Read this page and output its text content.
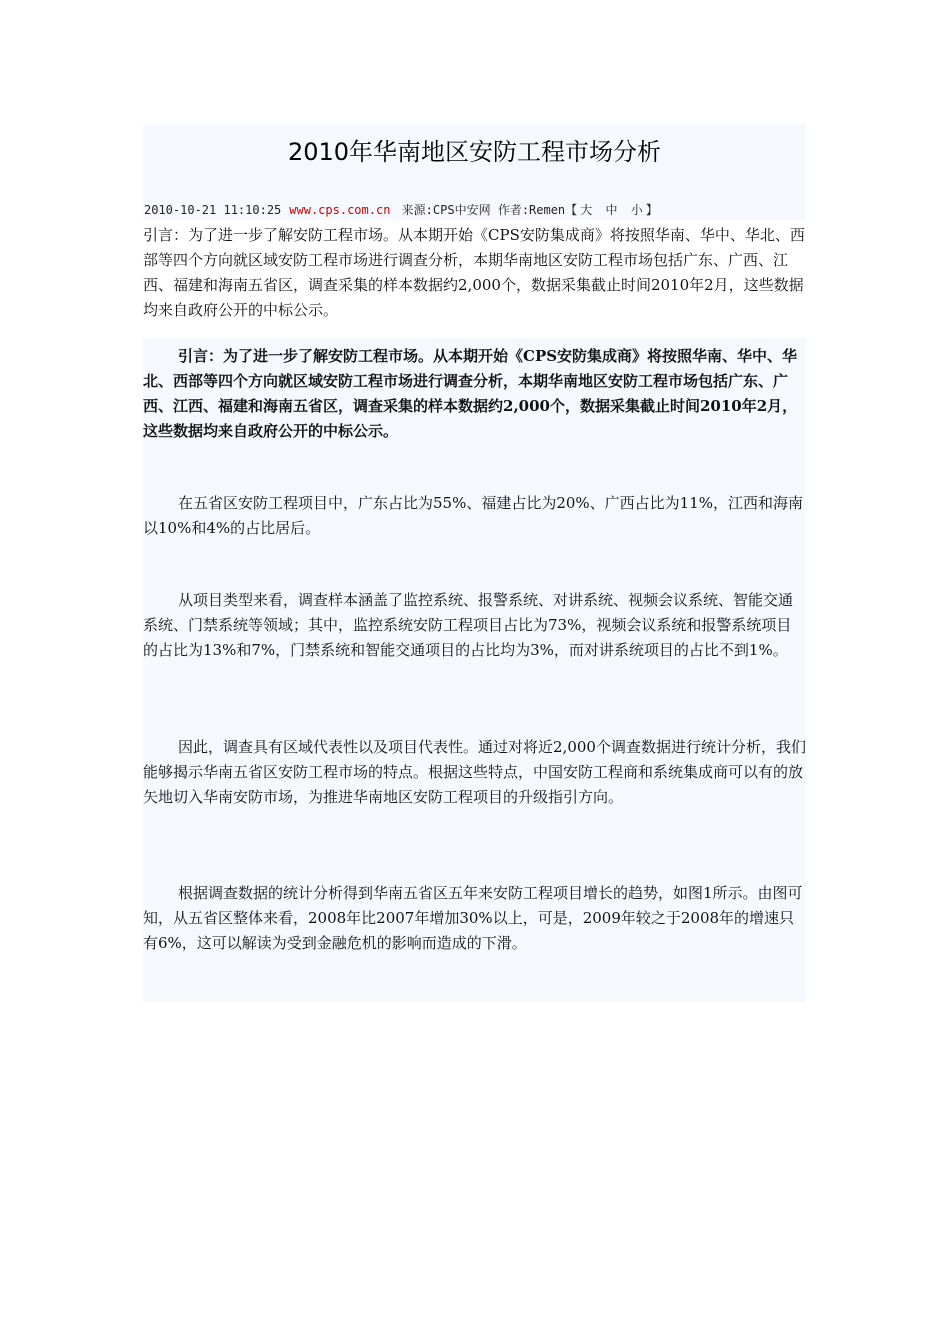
2010年华南地区安防工程市场分析
2010-10-21 11:10:25 www.cps.com.cn 来源:CPS中安网 作者:Remen【 大 中 小 】

引言：为了进一步了解安防工程市场。从本期开始《CPS安防集成商》将按照华南、华中、华北、西部等四个方向就区域安防工程市场进行调查分析，本期华南地区安防工程市场包括广东、广西、江西、福建和海南五省区，调查采集的样本数据约2,000个，数据采集截止时间2010年2月，这些数据均来自政府公开的中标公示。

引言：为了进一步了解安防工程市场。从本期开始《CPS安防集成商》将按照华南、华中、华北、西部等四个方向就区域安防工程市场进行调查分析，本期华南地区安防工程市场包括广东、广西、江西、福建和海南五省区，调查采集的样本数据约2,000个，数据采集截止时间2010年2月，这些数据均来自政府公开的中标公示。

在五省区安防工程项目中，广东占比为55%、福建占比为20%、广西占比为11%，江西和海南以10%和4%的占比居后。

从项目类型来看，调查样本涵盖了监控系统、报警系统、对讲系统、视频会议系统、智能交通系统、门禁系统等领域；其中，监控系统安防工程项目占比为73%，视频会议系统和报警系统项目的占比为13%和7%，门禁系统和智能交通项目的占比均为3%，而对讲系统项目的占比不到1%。

因此，调查具有区域代表性以及项目代表性。通过对将近2,000个调查数据进行统计分析，我们能够揭示华南五省区安防工程市场的特点。根据这些特点，中国安防工程商和系统集成商可以有的放矢地切入华南安防市场，为推进华南地区安防工程项目的升级指引方向。

根据调查数据的统计分析得到华南五省区五年来安防工程项目增长的趋势，如图1所示。由图可知，从五省区整体来看，2008年比2007年增加30%以上，可是，2009年较之于2008年的增速只有6%，这可以解读为受到金融危机的影响而造成的下滑。
